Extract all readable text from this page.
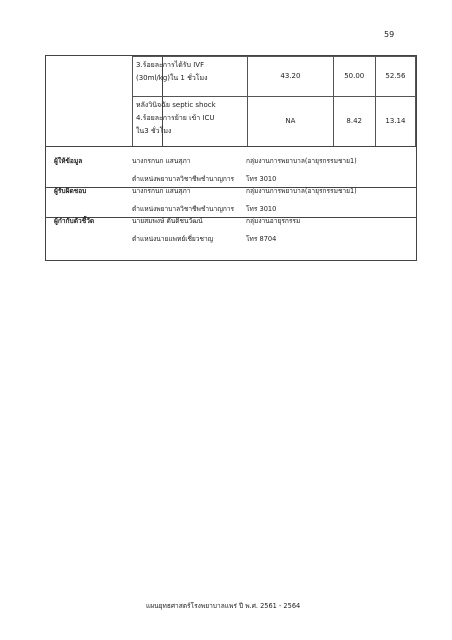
59
3.ร้อยละการได้รับ IVF
(30ml/kg)ใน 1 ชั่วโมง	43.20	50.00	52.56

หลังวินิจฉัย septic shock
4.ร้อยละการย้าย เข้า ICU
ใน3 ชั่วโมง	NA	8.42	13.14
ผู้ให้ข้อมูล	นางกรกนก แสนสุภา	กลุ่มงานการพยาบาล(อายุรกรรมชาย1)
ตำแหน่งพยาบาลวิชาชีพชำนาญการ โทร 3010
ผู้รับผิดชอบ	นางกรกนก แสนสุภา	กลุ่มงานการพยาบาล(อายุรกรรมชาย1)
ตำแหน่งพยาบาลวิชาชีพชำนาญการ โทร 3010
ผู้กำกับตัวชี้วัด	นายสมพงษ์ ตันติชนวัฒน์	กลุ่มงานอายุรกรรม
ตำแหน่งนายแพทย์เชี่ยวชาญ	โทร 8704
แผนยุทธศาสตร์โรงพยาบาลแพร่ ปี พ.ศ. 2561 - 2564
